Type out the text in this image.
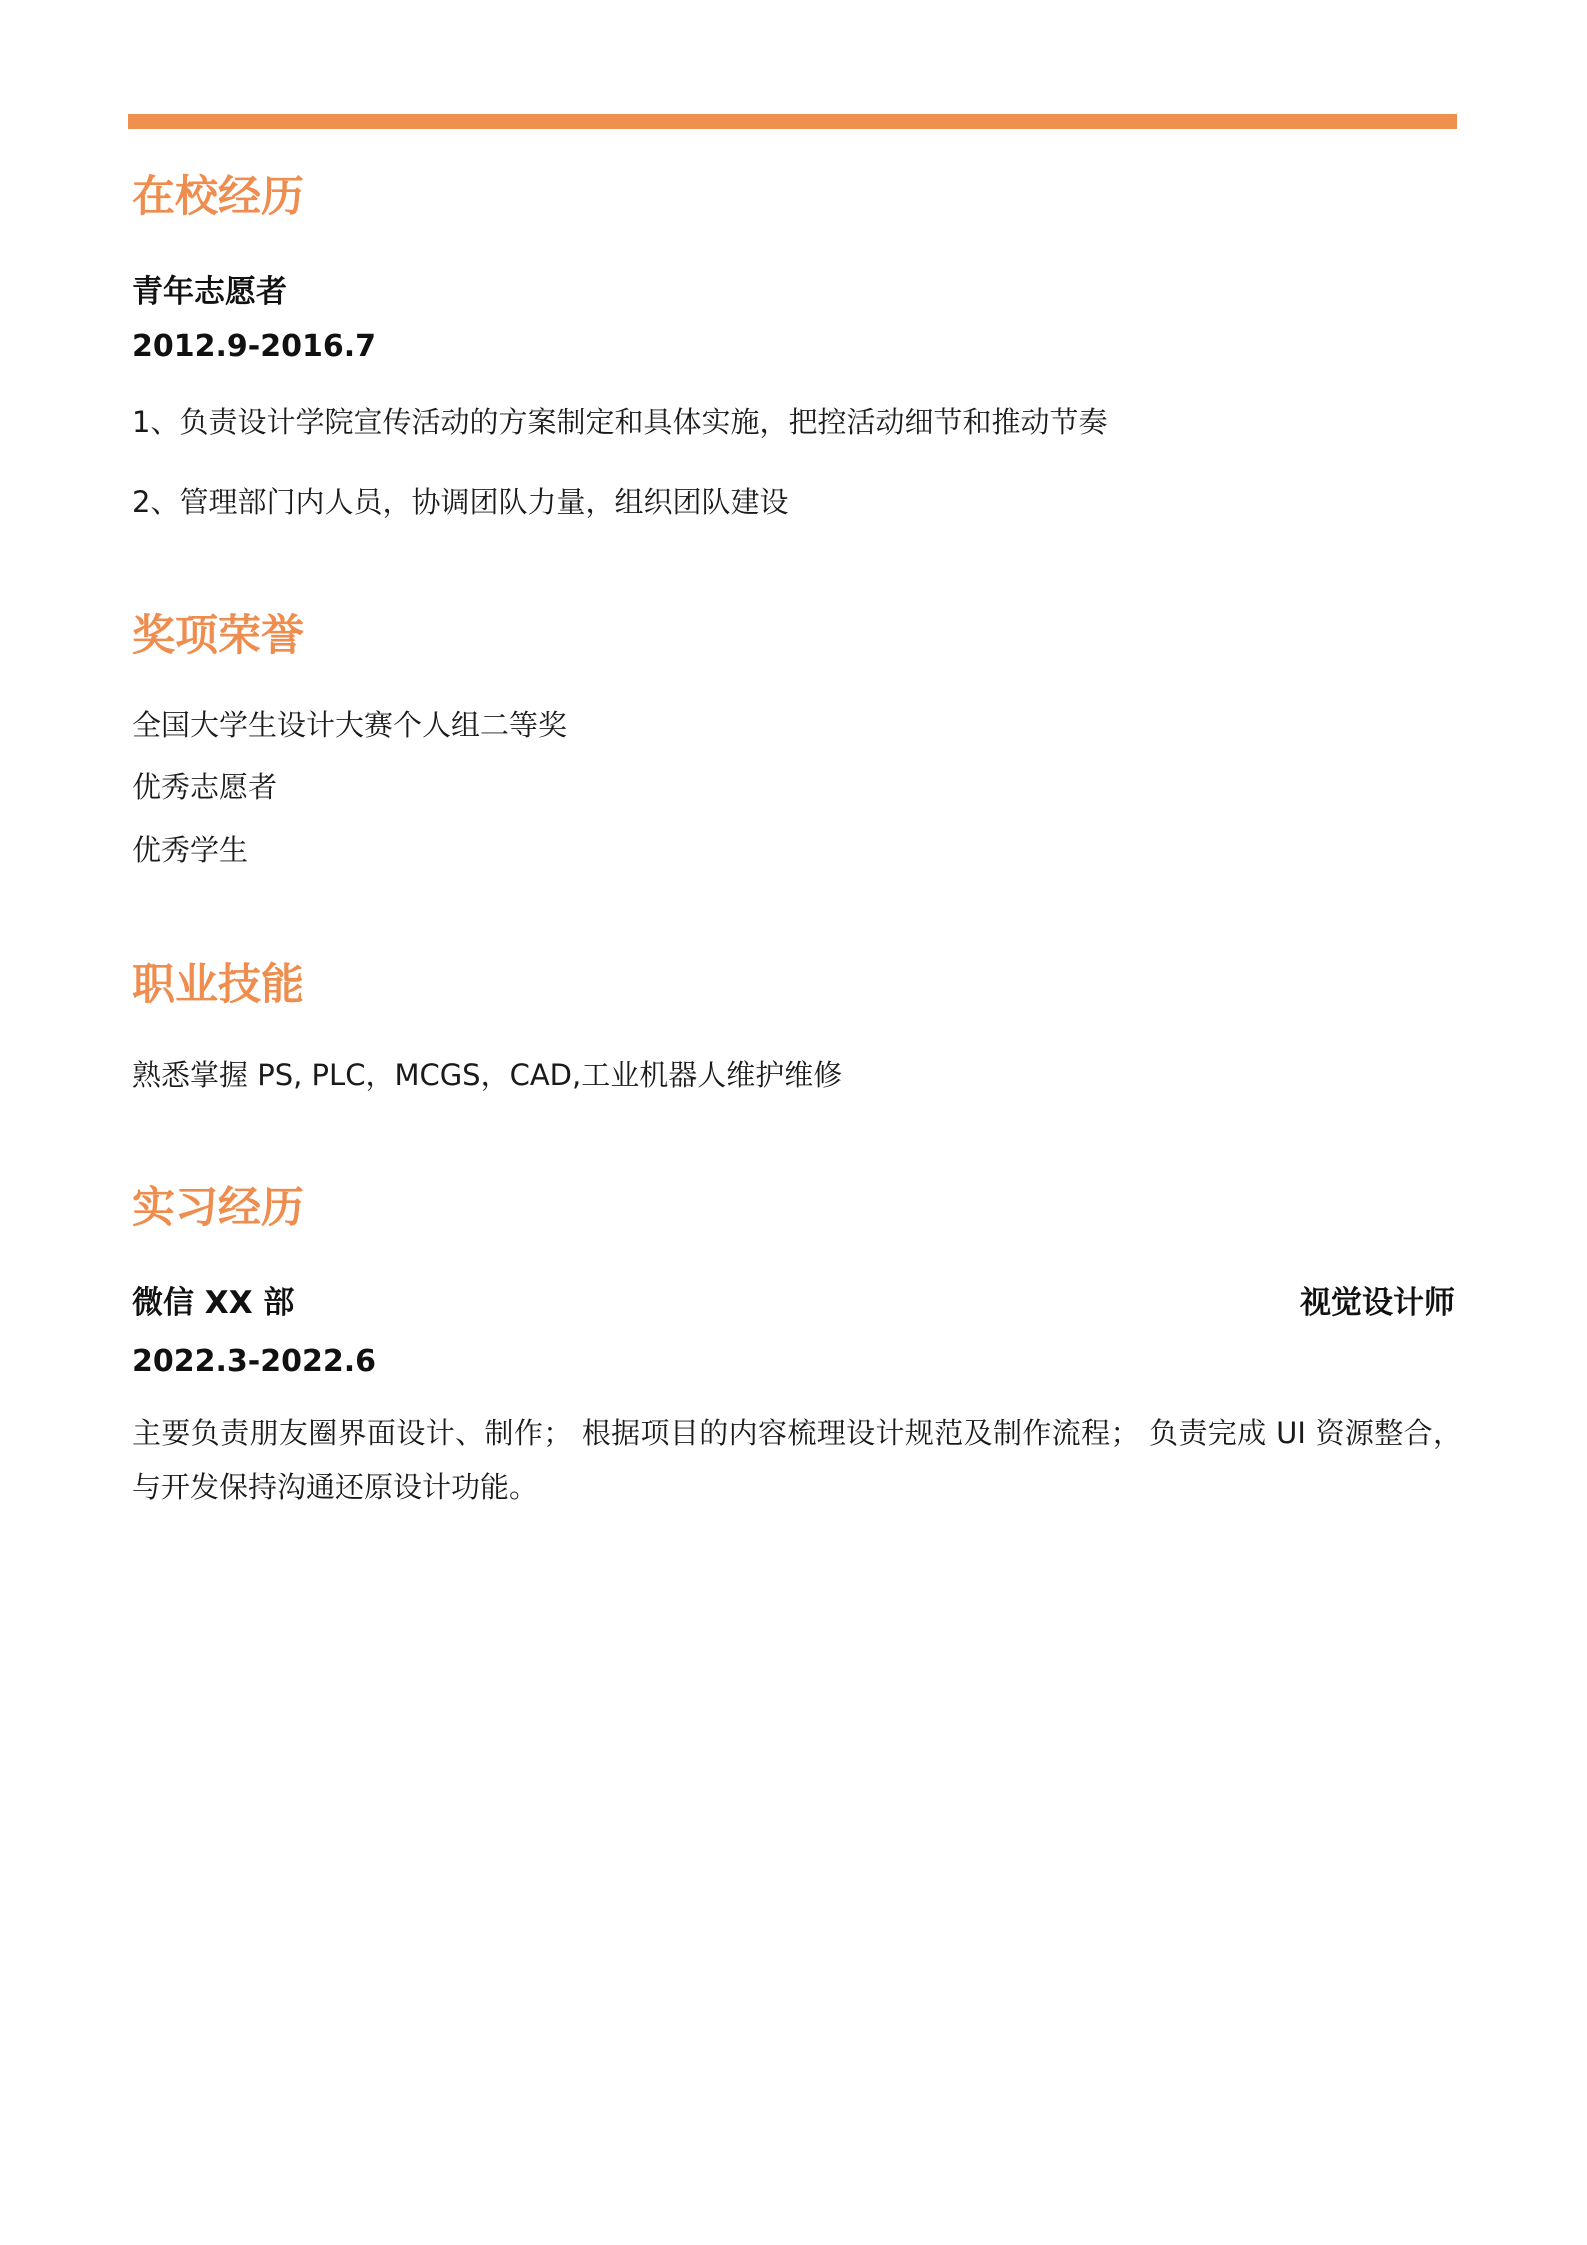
在校经历
青年志愿者
2012.9-2016.7
1、负责设计学院宣传活动的方案制定和具体实施，把控活动细节和推动节奏
2、管理部门内人员，协调团队力量，组织团队建设
奖项荣誉
全国大学生设计大赛个人组二等奖
优秀志愿者
优秀学生
职业技能
熟悉掌握 PS, PLC，MCGS，CAD,工业机器人维护维修
实习经历
微信 XX 部	视觉设计师
2022.3-2022.6
主要负责朋友圈界面设计、制作； 根据项目的内容梳理设计规范及制作流程； 负责完成 UI 资源整合，与开发保持沟通还原设计功能。
